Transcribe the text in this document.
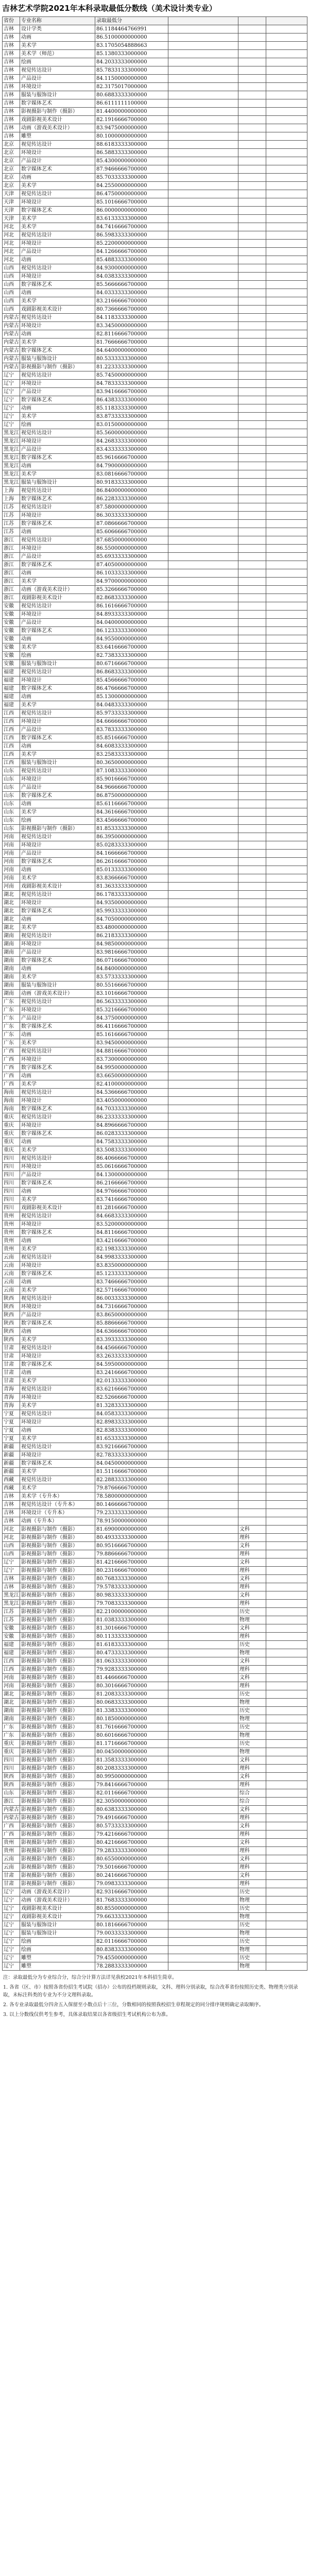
吉林艺术学院2021年本科录取最低分数线（美术设计类专业）
省份	专业名称	录取最低分			
吉林	设计学类	86.1184464766991			
吉林	动画	86.5100000000000			
吉林	美术学	83.1705054888663			
吉林	美术学（师范）	85.1380333000000			
吉林	绘画	84.2033333000000			
吉林	视觉传达设计	85.7833133300000			
吉林	产品设计	84.1150000000000			
吉林	环境设计	82.3175017000000			
吉林	服装与服饰设计	80.6883333300000			
吉林	数字媒体艺术	86.6111111100000			
吉林	影视摄影与制作（摄影）	81.4400000000000			
吉林	戏剧影视美术设计	82.1916666700000			
吉林	动画（游戏美术设计）	83.9475000000000			
吉林	雕塑	80.1000000000000			
北京	视觉传达设计	88.6183333300000			
北京	环境设计	86.5883333300000			
北京	产品设计	85.4300000000000			
北京	数字媒体艺术	87.9466666700000			
北京	动画	85.7033333300000			
北京	美术学	84.2550000000000			
天津	视觉传达设计	86.4750000000000			
天津	环境设计	85.1016666700000			
天津	数字媒体艺术	86.0000000000000			
天津	美术学	83.6133333300000			
河北	美术学	84.7416666700000			
河北	视觉传达设计	86.5983333300000			
河北	环境设计	85.2200000000000			
河北	产品设计	84.1266666700000			
河北	动画	85.4883333300000			
山西	视觉传达设计	84.9300000000000			
山西	环境设计	84.0383333300000			
山西	数字媒体艺术	85.5666666700000			
山西	动画	84.0333333300000			
山西	美术学	83.2166666700000			
山西	戏剧影视美术设计	80.7366666700000			
内蒙古	视觉传达设计	84.1183333300000			
内蒙古	环境设计	83.3450000000000			
内蒙古	动画	82.8116666700000			
内蒙古	美术学	81.7666666700000			
内蒙古	数字媒体艺术	84.6400000000000			
内蒙古	服装与服饰设计	80.5333333300000			
内蒙古	影视摄影与制作（摄影）	81.2233333300000			
辽宁	视觉传达设计	85.7450000000000			
辽宁	环境设计	84.7833333300000			
辽宁	产品设计	83.9416666700000			
辽宁	数字媒体艺术	86.4383333300000			
辽宁	动画	85.1183333300000			
辽宁	美术学	83.8733333300000			
辽宁	绘画	83.0150000000000			
黑龙江	视觉传达设计	85.5600000000000			
黑龙江	环境设计	84.2683333300000			
黑龙江	产品设计	83.4333333300000			
黑龙江	数字媒体艺术	85.9616666700000			
黑龙江	动画	84.7900000000000			
黑龙江	美术学	83.0816666700000			
黑龙江	服装与服饰设计	80.9183333300000			
上海	视觉传达设计	86.8400000000000			
上海	数字媒体艺术	86.2283333300000			
江苏	视觉传达设计	87.5800000000000			
江苏	环境设计	86.3033333300000			
江苏	数字媒体艺术	87.0866666700000			
江苏	动画	85.6066666700000			
浙江	视觉传达设计	87.6850000000000			
浙江	环境设计	86.5500000000000			
浙江	产品设计	85.6933333300000			
浙江	数字媒体艺术	87.4050000000000			
浙江	动画	86.1033333300000			
浙江	美术学	84.9700000000000			
浙江	动画（游戏美术设计）	85.3266666700000			
浙江	戏剧影视美术设计	82.8683333300000			
安徽	视觉传达设计	86.1616666700000			
安徽	环境设计	84.8933333300000			
安徽	产品设计	84.0400000000000			
安徽	数字媒体艺术	86.1233333300000			
安徽	动画	84.9550000000000			
安徽	美术学	83.6416666700000			
安徽	绘画	82.7383333300000			
安徽	服装与服饰设计	80.6716666700000			
福建	视觉传达设计	86.8683333300000			
福建	环境设计	85.4566666700000			
福建	数字媒体艺术	86.4766666700000			
福建	动画	85.1300000000000			
福建	美术学	84.0483333300000			
江西	视觉传达设计	85.9733333300000			
江西	环境设计	84.6666666700000			
江西	产品设计	83.7833333300000			
江西	数字媒体艺术	85.8516666700000			
江西	动画	84.6083333300000			
江西	美术学	83.2583333300000			
江西	服装与服饰设计	80.3650000000000			
山东	视觉传达设计	87.1083333300000			
山东	环境设计	85.9016666700000			
山东	产品设计	84.9666666700000			
山东	数字媒体艺术	86.8750000000000			
山东	动画	85.6116666700000			
山东	美术学	84.3616666700000			
山东	绘画	83.4566666700000			
山东	影视摄影与制作（摄影）	81.8533333300000			
河南	视觉传达设计	86.3950000000000			
河南	环境设计	85.0283333300000			
河南	产品设计	84.1666666700000			
河南	数字媒体艺术	86.2616666700000			
河南	动画	85.0133333300000			
河南	美术学	83.8366666700000			
河南	戏剧影视美术设计	81.3633333300000			
湖北	视觉传达设计	86.1783333300000			
湖北	环境设计	84.9350000000000			
湖北	数字媒体艺术	85.9933333300000			
湖北	动画	84.7050000000000			
湖北	美术学	83.4800000000000			
湖南	视觉传达设计	86.2183333300000			
湖南	环境设计	84.9850000000000			
湖南	产品设计	83.9816666700000			
湖南	数字媒体艺术	86.0716666700000			
湖南	动画	84.8400000000000			
湖南	美术学	83.5733333300000			
湖南	服装与服饰设计	80.5516666700000			
湖南	动画（游戏美术设计）	83.1016666700000			
广东	视觉传达设计	86.5633333300000			
广东	环境设计	85.3216666700000			
广东	产品设计	84.3750000000000			
广东	数字媒体艺术	86.4116666700000			
广东	动画	85.1616666700000			
广东	美术学	83.9450000000000			
广西	视觉传达设计	84.8816666700000			
广西	环境设计	83.7300000000000			
广西	数字媒体艺术	84.9950000000000			
广西	动画	83.6650000000000			
广西	美术学	82.4100000000000			
海南	视觉传达设计	84.5366666700000			
海南	环境设计	83.4050000000000			
海南	数字媒体艺术	84.7033333300000			
重庆	视觉传达设计	86.2333333300000			
重庆	环境设计	84.8966666700000			
重庆	数字媒体艺术	86.0283333300000			
重庆	动画	84.7583333300000			
重庆	美术学	83.5083333300000			
四川	视觉传达设计	86.4066666700000			
四川	环境设计	85.0616666700000			
四川	产品设计	84.1300000000000			
四川	数字媒体艺术	86.2166666700000			
四川	动画	84.9766666700000			
四川	美术学	83.7416666700000			
四川	戏剧影视美术设计	81.2816666700000			
贵州	视觉传达设计	84.6683333300000			
贵州	环境设计	83.5200000000000			
贵州	数字媒体艺术	84.8116666700000			
贵州	动画	83.4216666700000			
贵州	美术学	82.1983333300000			
云南	视觉传达设计	84.9983333300000			
云南	环境设计	83.8350000000000			
云南	数字媒体艺术	85.1233333300000			
云南	动画	83.7466666700000			
云南	美术学	82.5716666700000			
陕西	视觉传达设计	86.0033333300000			
陕西	环境设计	84.7316666700000			
陕西	产品设计	83.8650000000000			
陕西	数字媒体艺术	85.8866666700000			
陕西	动画	84.6366666700000			
陕西	美术学	83.3933333300000			
甘肃	视觉传达设计	84.4566666700000			
甘肃	环境设计	83.2633333300000			
甘肃	数字媒体艺术	84.5950000000000			
甘肃	动画	83.2416666700000			
甘肃	美术学	82.0133333300000			
青海	视觉传达设计	83.6216666700000			
青海	环境设计	82.5266666700000			
青海	美术学	81.3283333300000			
宁夏	视觉传达设计	84.0583333300000			
宁夏	环境设计	82.8983333300000			
宁夏	动画	82.8383333300000			
宁夏	美术学	81.6533333300000			
新疆	视觉传达设计	83.9216666700000			
新疆	环境设计	82.7833333300000			
新疆	数字媒体艺术	84.0450000000000			
新疆	美术学	81.5116666700000			
西藏	视觉传达设计	82.2883333300000			
西藏	美术学	79.8766666700000			
吉林	美术学（专升本）	78.5800000000000			
吉林	视觉传达设计（专升本）	80.1466666700000			
吉林	环境设计（专升本）	79.2333333300000			
吉林	动画（专升本）	78.9150000000000			
河北	影视摄影与制作（摄影）	81.6900000000000		文科	
河北	影视摄影与制作（摄影）	80.4933333300000		理科	
山西	影视摄影与制作（摄影）	80.9516666700000		文科	
山西	影视摄影与制作（摄影）	79.8866666700000		理科	
辽宁	影视摄影与制作（摄影）	81.4216666700000		文科	
辽宁	影视摄影与制作（摄影）	80.2316666700000		理科	
吉林	影视摄影与制作（摄影）	80.7683333300000		文科	
吉林	影视摄影与制作（摄影）	79.5783333300000		理科	
黑龙江	影视摄影与制作（摄影）	80.9833333300000		文科	
黑龙江	影视摄影与制作（摄影）	79.7083333300000		理科	
江苏	影视摄影与制作（摄影）	82.2100000000000		历史	
江苏	影视摄影与制作（摄影）	81.0383333300000		物理	
安徽	影视摄影与制作（摄影）	81.3016666700000		文科	
安徽	影视摄影与制作（摄影）	80.1133333300000		理科	
福建	影视摄影与制作（摄影）	81.6183333300000		历史	
福建	影视摄影与制作（摄影）	80.4733333300000		物理	
江西	影视摄影与制作（摄影）	81.0633333300000		文科	
江西	影视摄影与制作（摄影）	79.9283333300000		理科	
河南	影视摄影与制作（摄影）	81.4466666700000		文科	
河南	影视摄影与制作（摄影）	80.3016666700000		理科	
湖北	影视摄影与制作（摄影）	81.2083333300000		历史	
湖北	影视摄影与制作（摄影）	80.0683333300000		物理	
湖南	影视摄影与制作（摄影）	81.3383333300000		历史	
湖南	影视摄影与制作（摄影）	80.1850000000000		物理	
广东	影视摄影与制作（摄影）	81.7616666700000		历史	
广东	影视摄影与制作（摄影）	80.6016666700000		物理	
重庆	影视摄影与制作（摄影）	81.1716666700000		历史	
重庆	影视摄影与制作（摄影）	80.0450000000000		物理	
四川	影视摄影与制作（摄影）	81.3583333300000		文科	
四川	影视摄影与制作（摄影）	80.2083333300000		理科	
陕西	影视摄影与制作（摄影）	80.9950000000000		文科	
陕西	影视摄影与制作（摄影）	79.8416666700000		理科	
山东	影视摄影与制作（摄影）	82.0116666700000		综合	
浙江	影视摄影与制作（摄影）	82.3050000000000		综合	
内蒙古	影视摄影与制作（摄影）	80.6383333300000		文科	
内蒙古	影视摄影与制作（摄影）	79.4916666700000		理科	
广西	影视摄影与制作（摄影）	80.5733333300000		文科	
广西	影视摄影与制作（摄影）	79.4216666700000		理科	
贵州	影视摄影与制作（摄影）	80.4216666700000		文科	
贵州	影视摄影与制作（摄影）	79.2833333300000		理科	
云南	影视摄影与制作（摄影）	80.6550000000000		文科	
云南	影视摄影与制作（摄影）	79.5016666700000		理科	
甘肃	影视摄影与制作（摄影）	80.2416666700000		文科	
甘肃	影视摄影与制作（摄影）	79.0983333300000		理科	
辽宁	动画（游戏美术设计）	82.9316666700000		历史	
辽宁	动画（游戏美术设计）	81.7683333300000		物理	
辽宁	戏剧影视美术设计	80.8550000000000		历史	
辽宁	戏剧影视美术设计	79.6633333300000		物理	
辽宁	服装与服饰设计	80.1816666700000		历史	
辽宁	服装与服饰设计	79.0033333300000		物理	
辽宁	绘画	82.0116666700000		历史	
辽宁	绘画	80.8383333300000		物理	
辽宁	雕塑	79.4550000000000		历史	
辽宁	雕塑	78.2883333300000		物理	

注：录取最低分为专业综合分，综合分计算方法详见我校2021年本科招生简章。

1. 各省（区、市）按照各省份招生考试院（招办）公布的投档规则录取，文科、理科分别录取，综合改革省份按照历史类、物理类分别录取，未标注科类的专业为不分文理科录取。

2. 各专业录取最低分四舍五入保留至小数点后十三位，分数相同的按照我校招生章程规定的同分排序规则确定录取顺序。

3. 以上分数线仅供考生参考，具体录取结果以各省级招生考试机构公布为准。
